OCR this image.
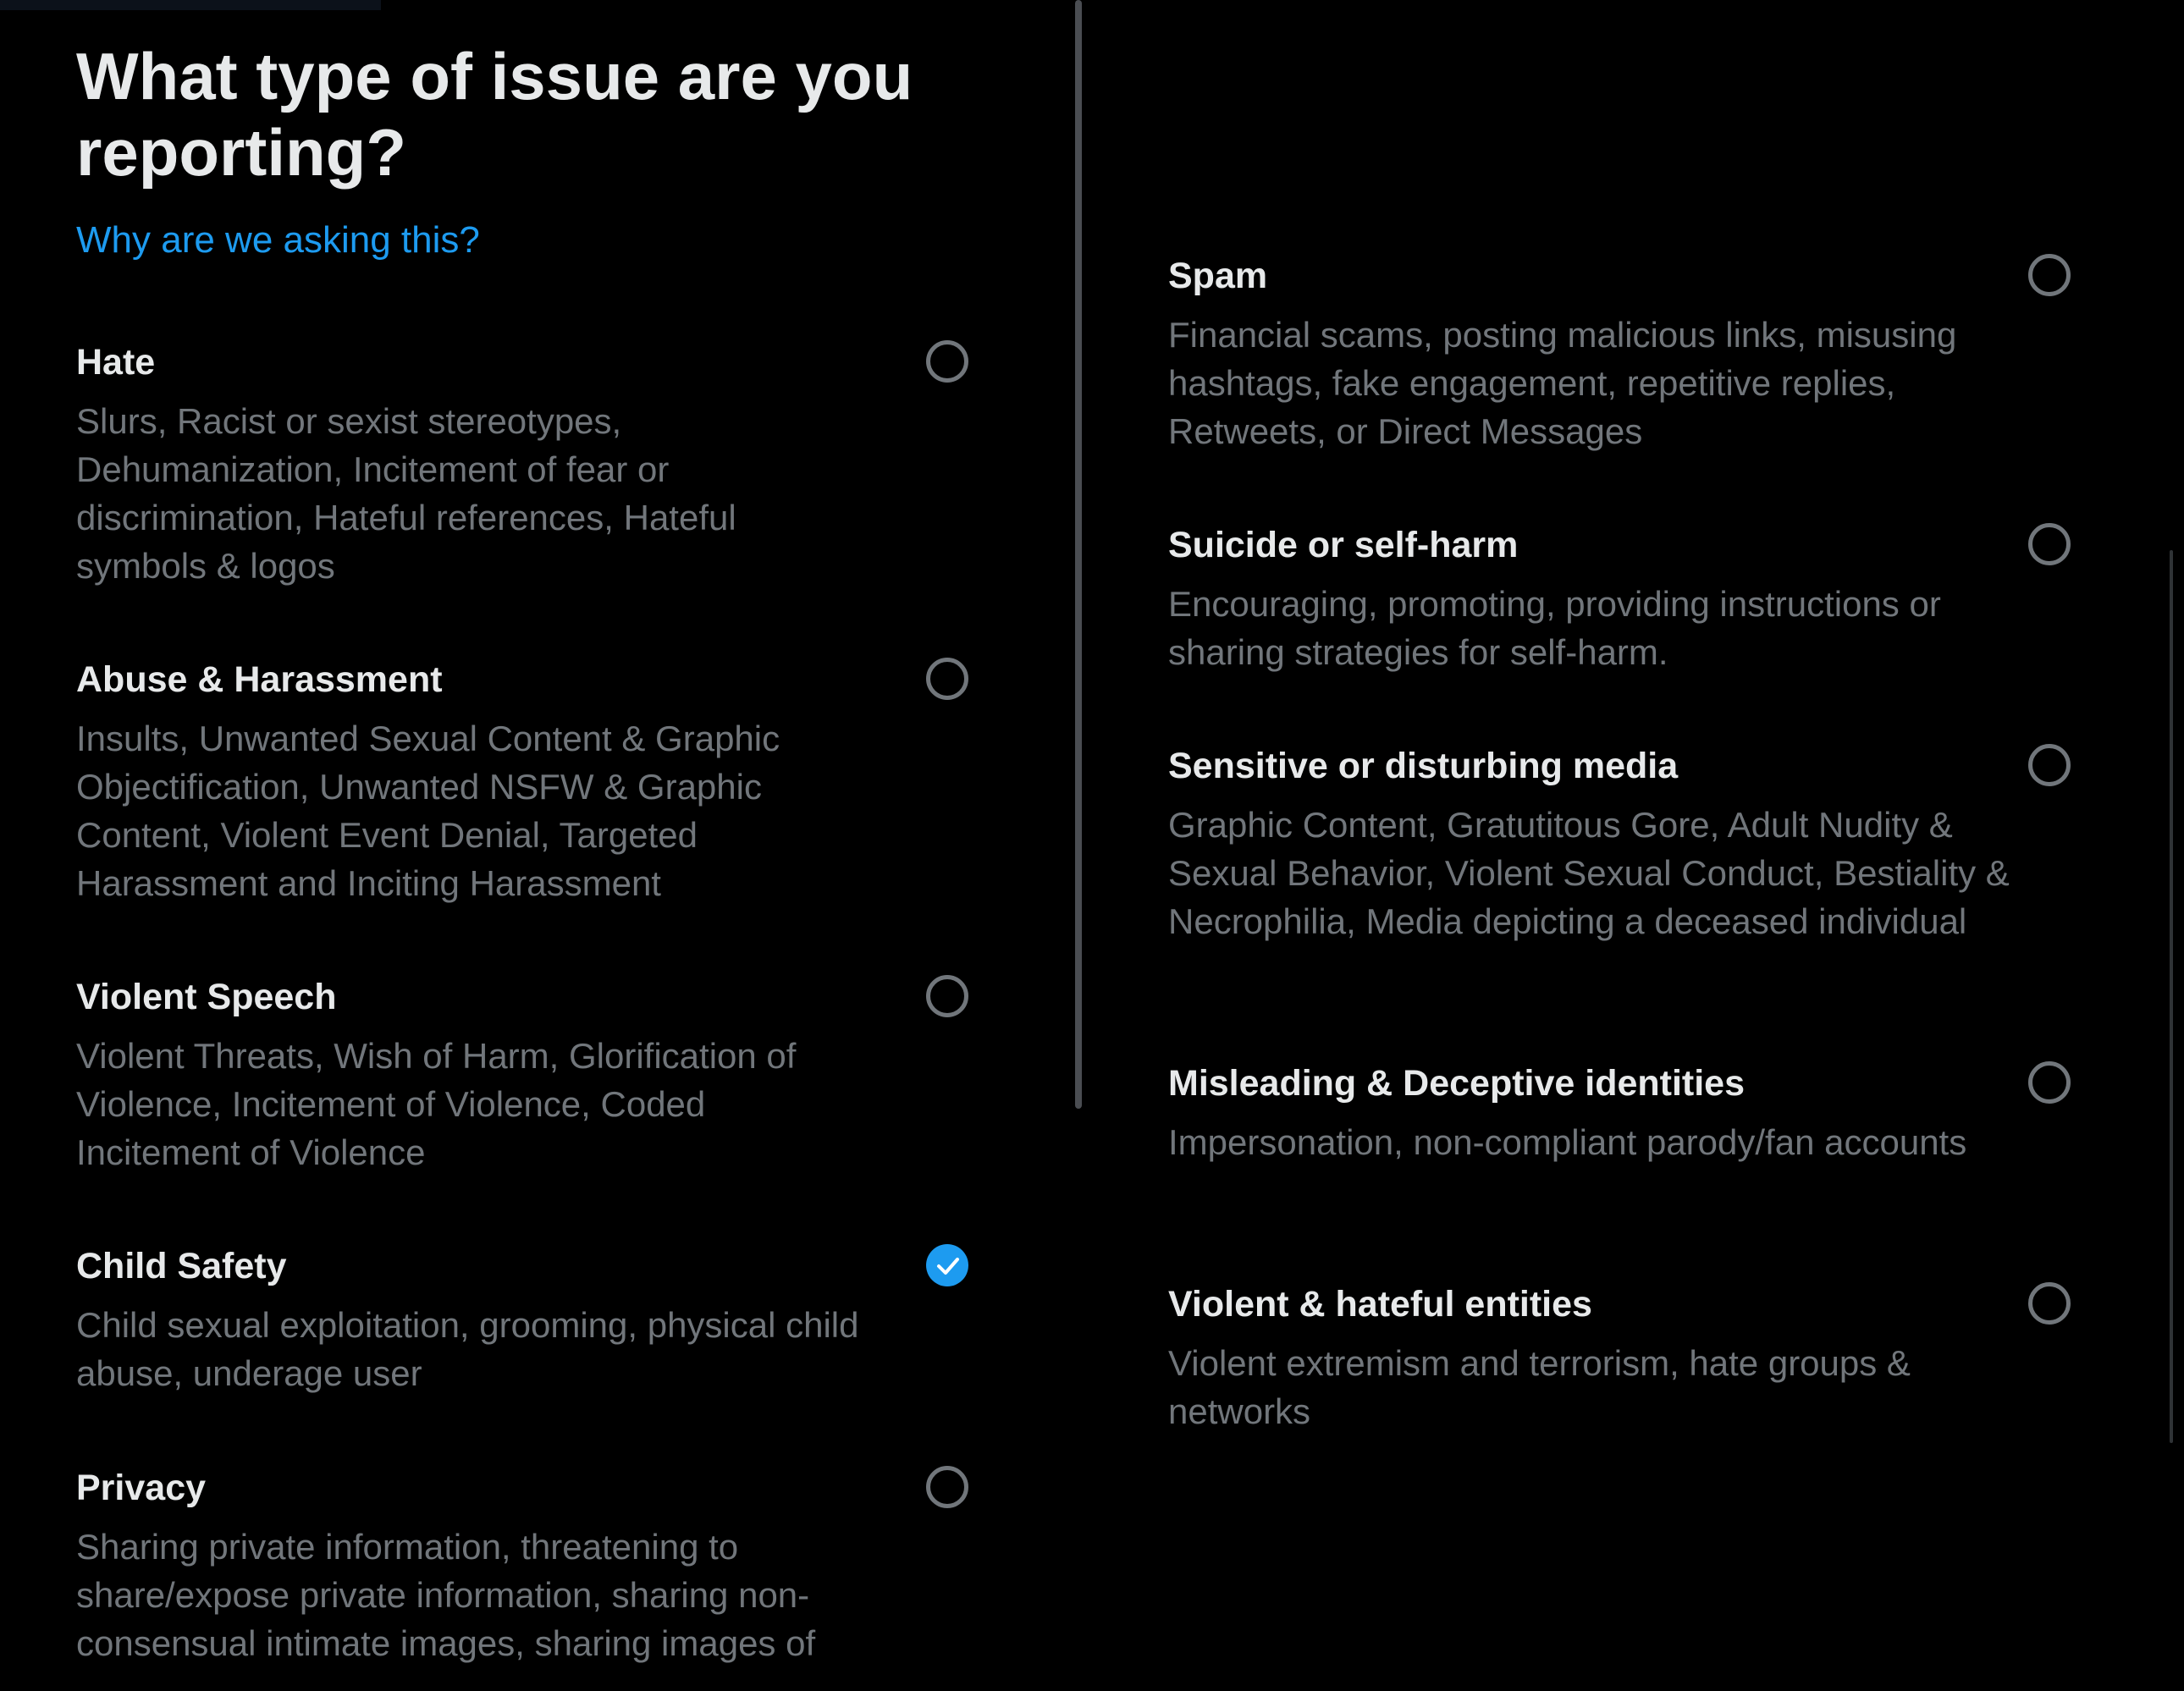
What type of issue are you reporting?
Why are we asking this?
Hate
Slurs, Racist or sexist stereotypes, Dehumanization, Incitement of fear or discrimination, Hateful references, Hateful symbols & logos
Abuse & Harassment
Insults, Unwanted Sexual Content & Graphic Objectification, Unwanted NSFW & Graphic Content, Violent Event Denial, Targeted Harassment and Inciting Harassment
Violent Speech
Violent Threats, Wish of Harm, Glorification of Violence, Incitement of Violence, Coded Incitement of Violence
Child Safety
Child sexual exploitation, grooming, physical child abuse, underage user
Privacy
Sharing private information, threatening to share/expose private information, sharing non-consensual intimate images, sharing images of
Spam
Financial scams, posting malicious links, misusing hashtags, fake engagement, repetitive replies, Retweets, or Direct Messages
Suicide or self-harm
Encouraging, promoting, providing instructions or sharing strategies for self-harm.
Sensitive or disturbing media
Graphic Content, Gratutitous Gore, Adult Nudity & Sexual Behavior, Violent Sexual Conduct, Bestiality & Necrophilia, Media depicting a deceased individual
Misleading & Deceptive identities
Impersonation, non-compliant parody/fan accounts
Violent & hateful entities
Violent extremism and terrorism, hate groups & networks
